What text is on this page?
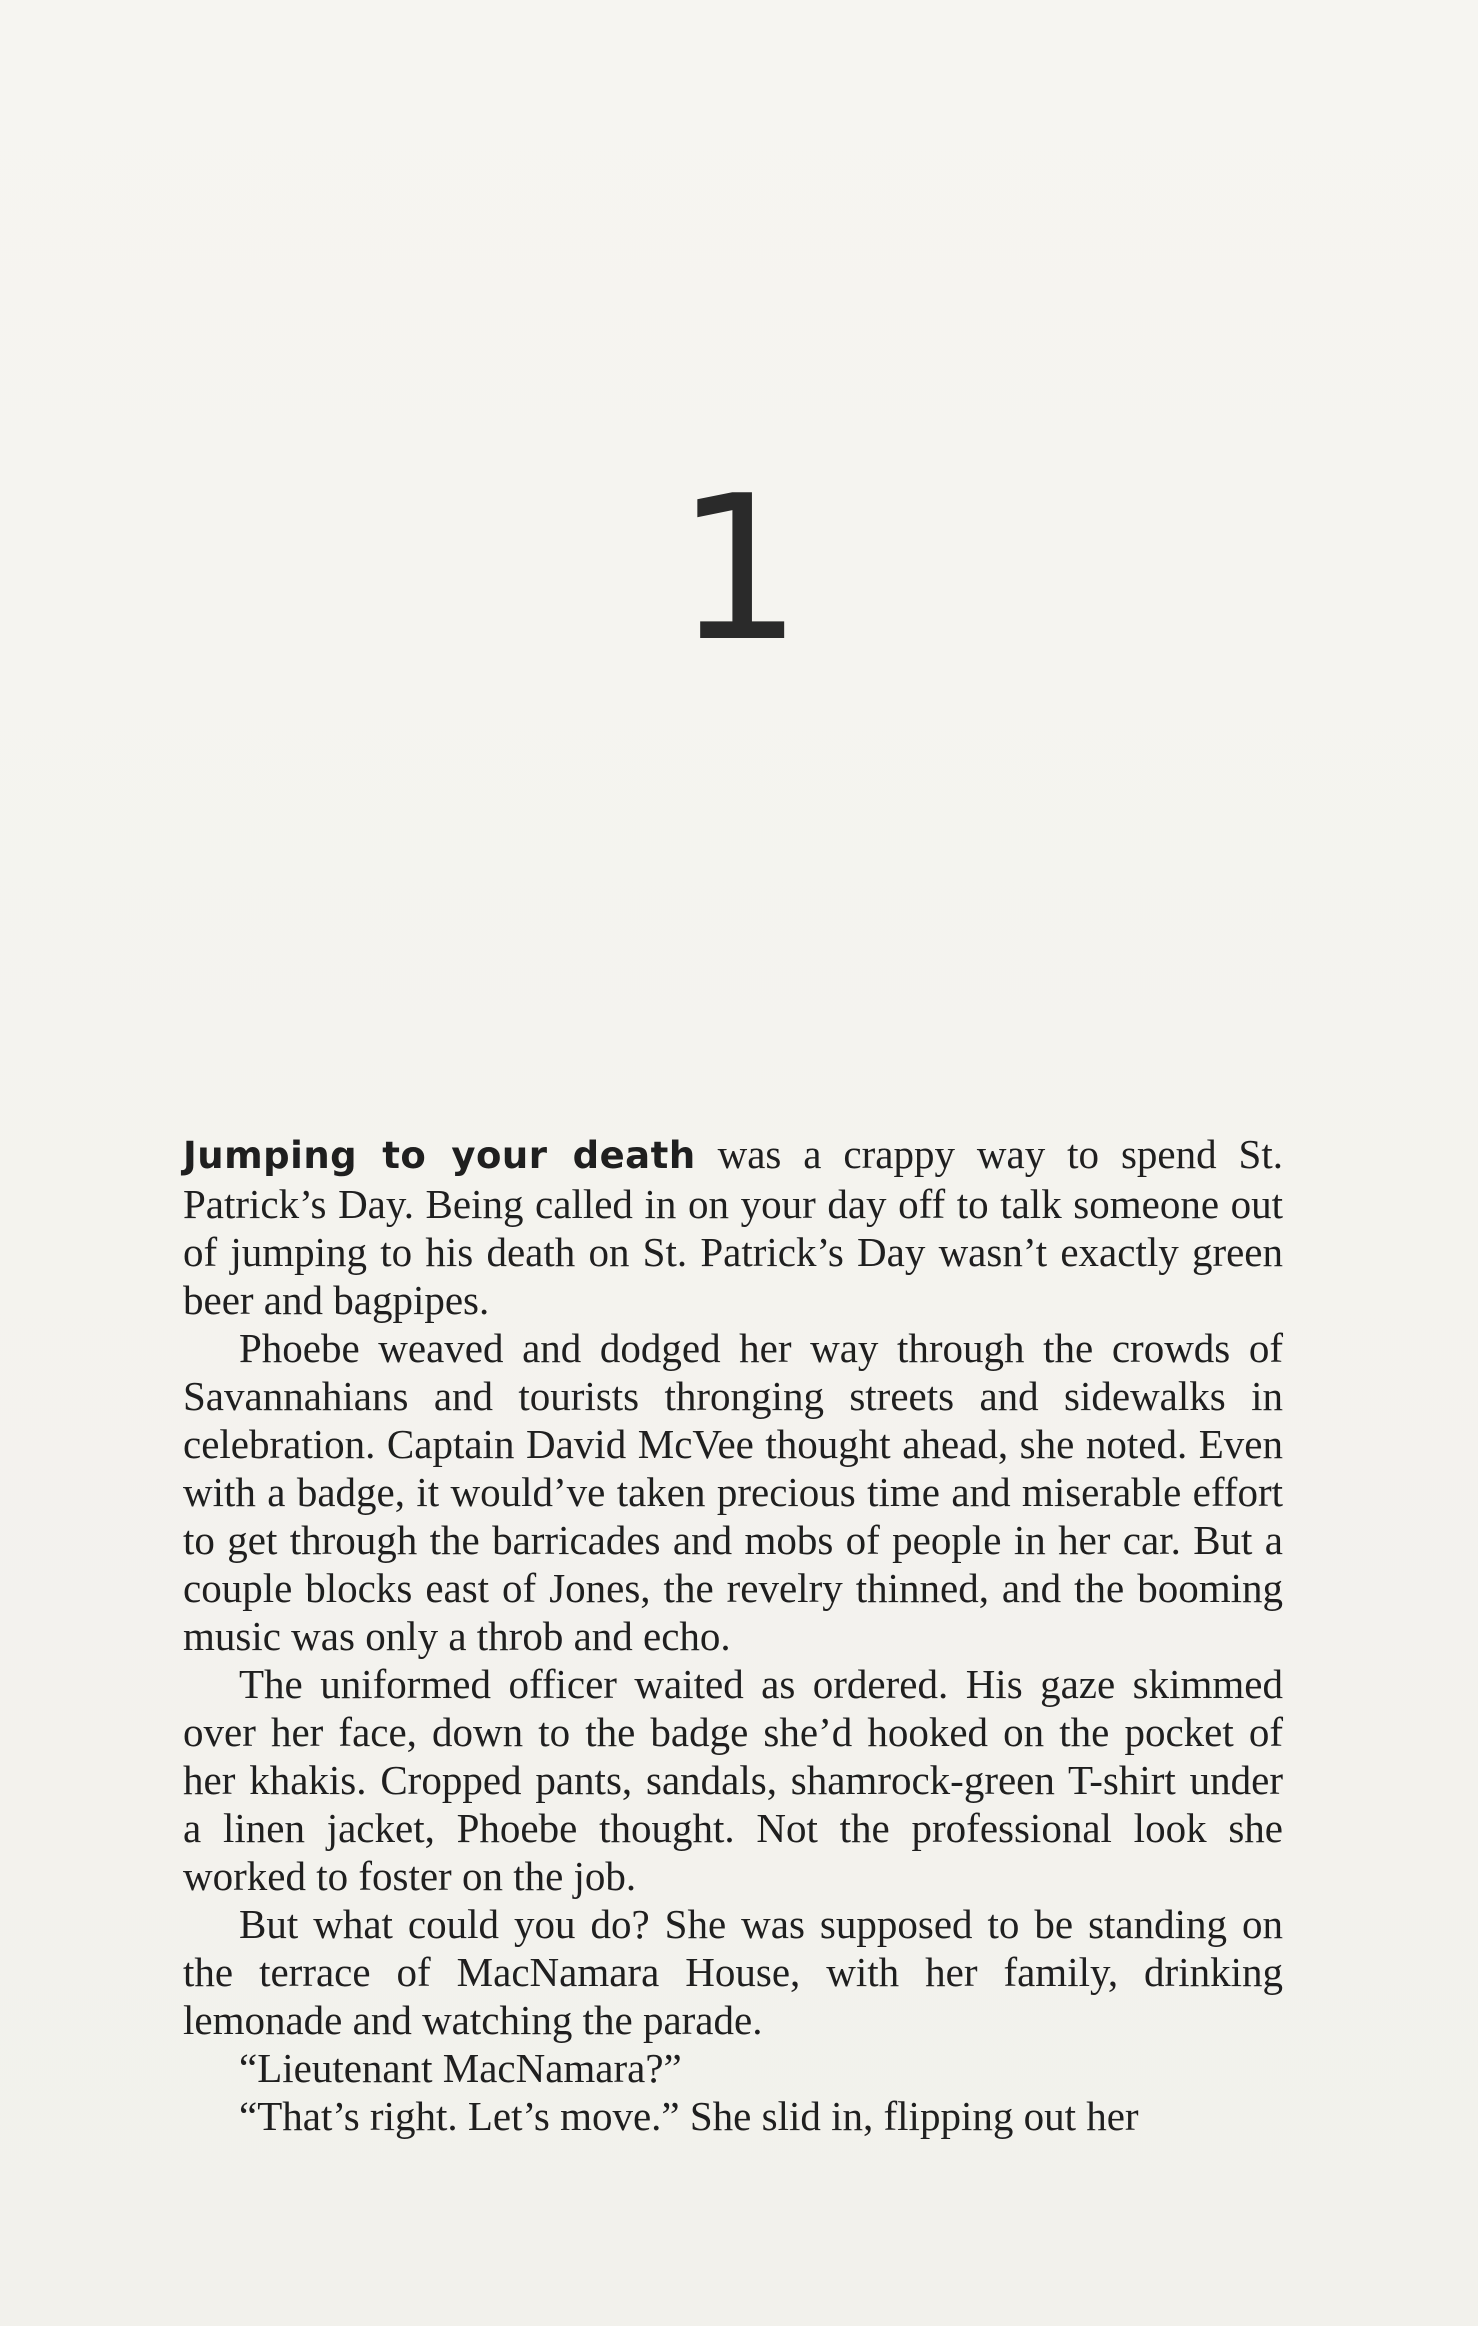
1

Jumping to your death was a crappy way to spend St. Patrick’s Day. Being called in on your day off to talk someone out of jumping to his death on St. Patrick’s Day wasn’t exactly green beer and bagpipes.

Phoebe weaved and dodged her way through the crowds of Savannahians and tourists thronging streets and sidewalks in celebration. Captain David McVee thought ahead, she noted. Even with a badge, it would’ve taken precious time and miserable effort to get through the barricades and mobs of people in her car. But a couple blocks east of Jones, the revelry thinned, and the booming music was only a throb and echo.

The uniformed officer waited as ordered. His gaze skimmed over her face, down to the badge she’d hooked on the pocket of her khakis. Cropped pants, sandals, shamrock-green T-shirt under a linen jacket, Phoebe thought. Not the professional look she worked to foster on the job.

But what could you do? She was supposed to be standing on the terrace of MacNamara House, with her family, drinking lemonade and watching the parade.

“Lieutenant MacNamara?”

“That’s right. Let’s move.” She slid in, flipping out her
